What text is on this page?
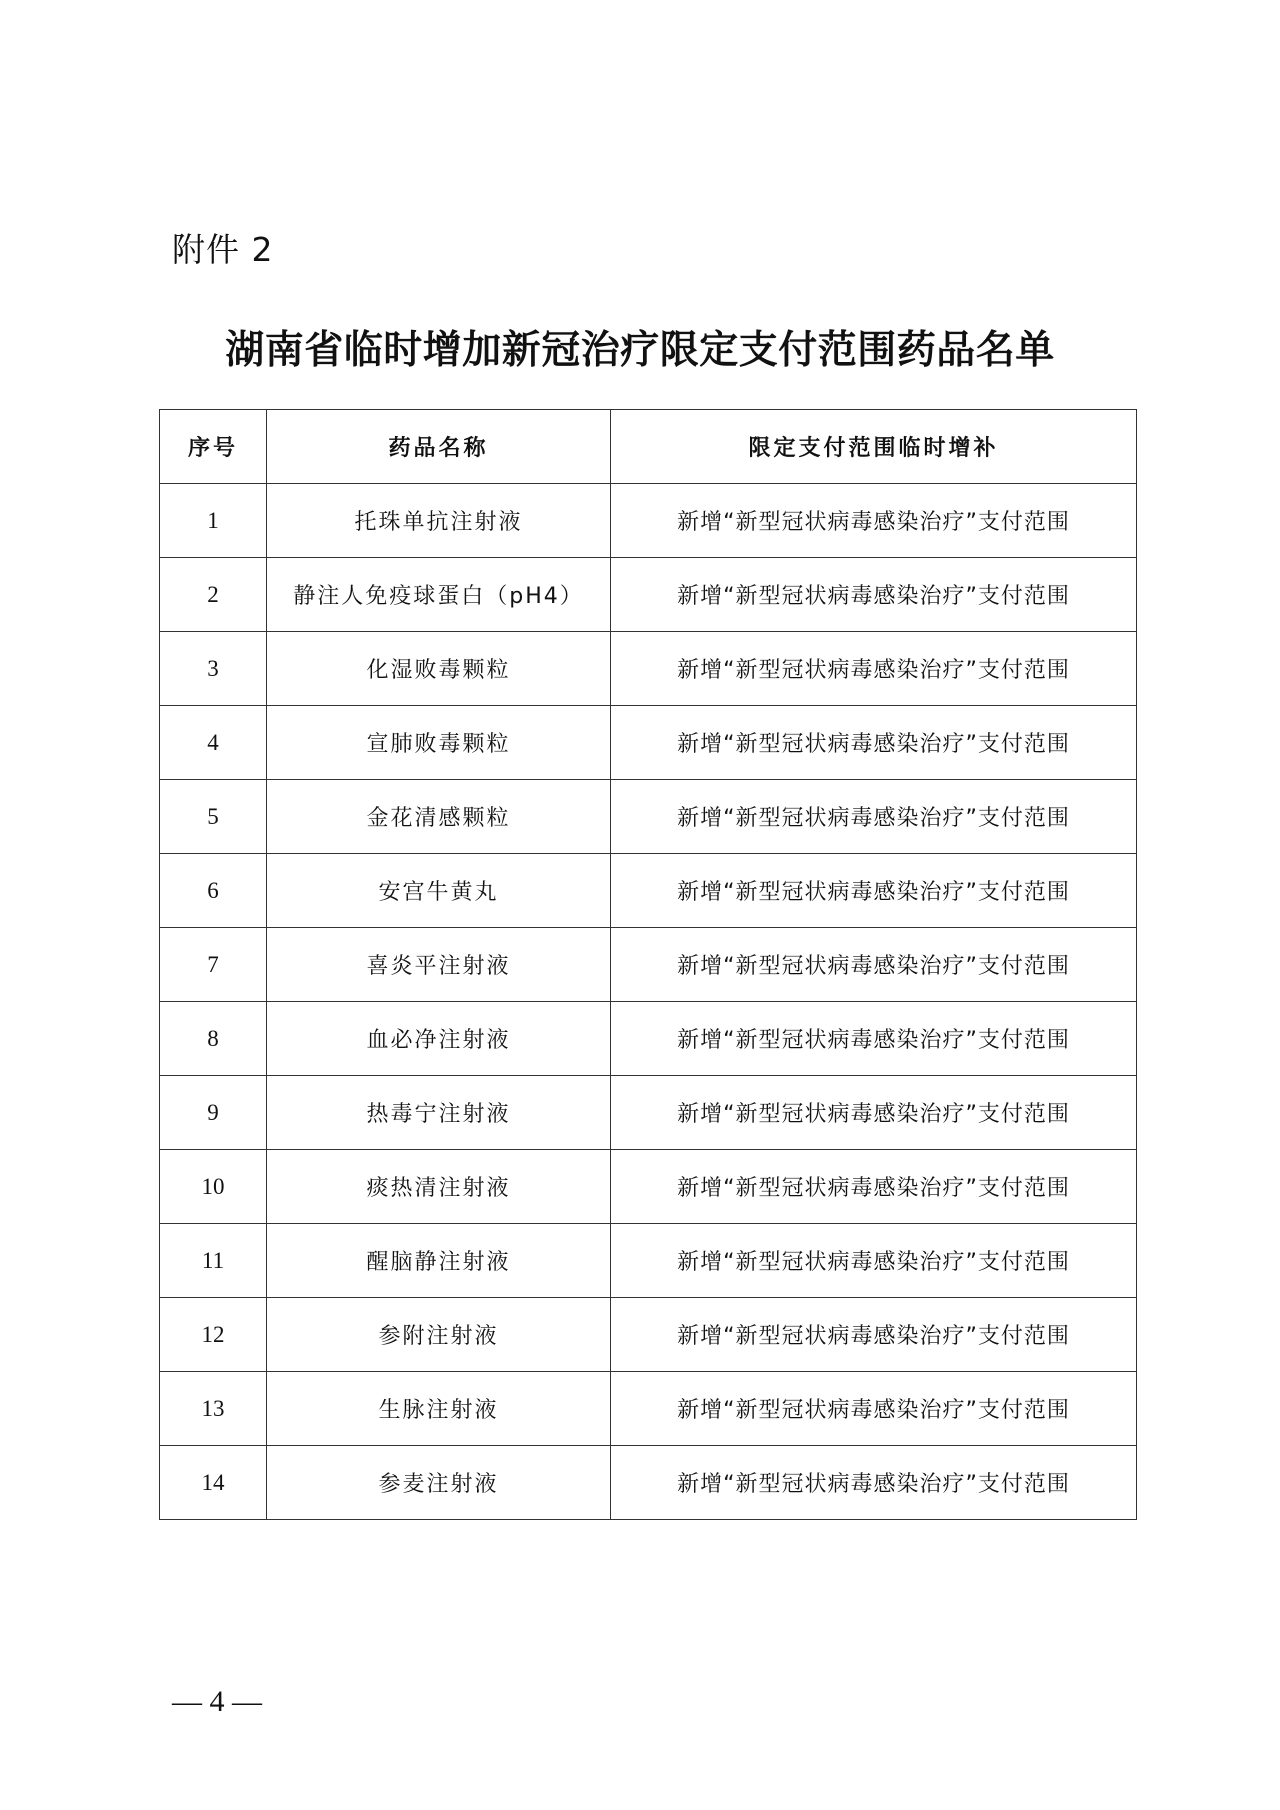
附件 2
湖南省临时增加新冠治疗限定支付范围药品名单
序号	药品名称	限定支付范围临时增补
1	托珠单抗注射液	新增“新型冠状病毒感染治疗”支付范围
2	静注人免疫球蛋白（pH4）	新增“新型冠状病毒感染治疗”支付范围
3	化湿败毒颗粒	新增“新型冠状病毒感染治疗”支付范围
4	宣肺败毒颗粒	新增“新型冠状病毒感染治疗”支付范围
5	金花清感颗粒	新增“新型冠状病毒感染治疗”支付范围
6	安宫牛黄丸	新增“新型冠状病毒感染治疗”支付范围
7	喜炎平注射液	新增“新型冠状病毒感染治疗”支付范围
8	血必净注射液	新增“新型冠状病毒感染治疗”支付范围
9	热毒宁注射液	新增“新型冠状病毒感染治疗”支付范围
10	痰热清注射液	新增“新型冠状病毒感染治疗”支付范围
11	醒脑静注射液	新增“新型冠状病毒感染治疗”支付范围
12	参附注射液	新增“新型冠状病毒感染治疗”支付范围
13	生脉注射液	新增“新型冠状病毒感染治疗”支付范围
14	参麦注射液	新增“新型冠状病毒感染治疗”支付范围
— 4 —
